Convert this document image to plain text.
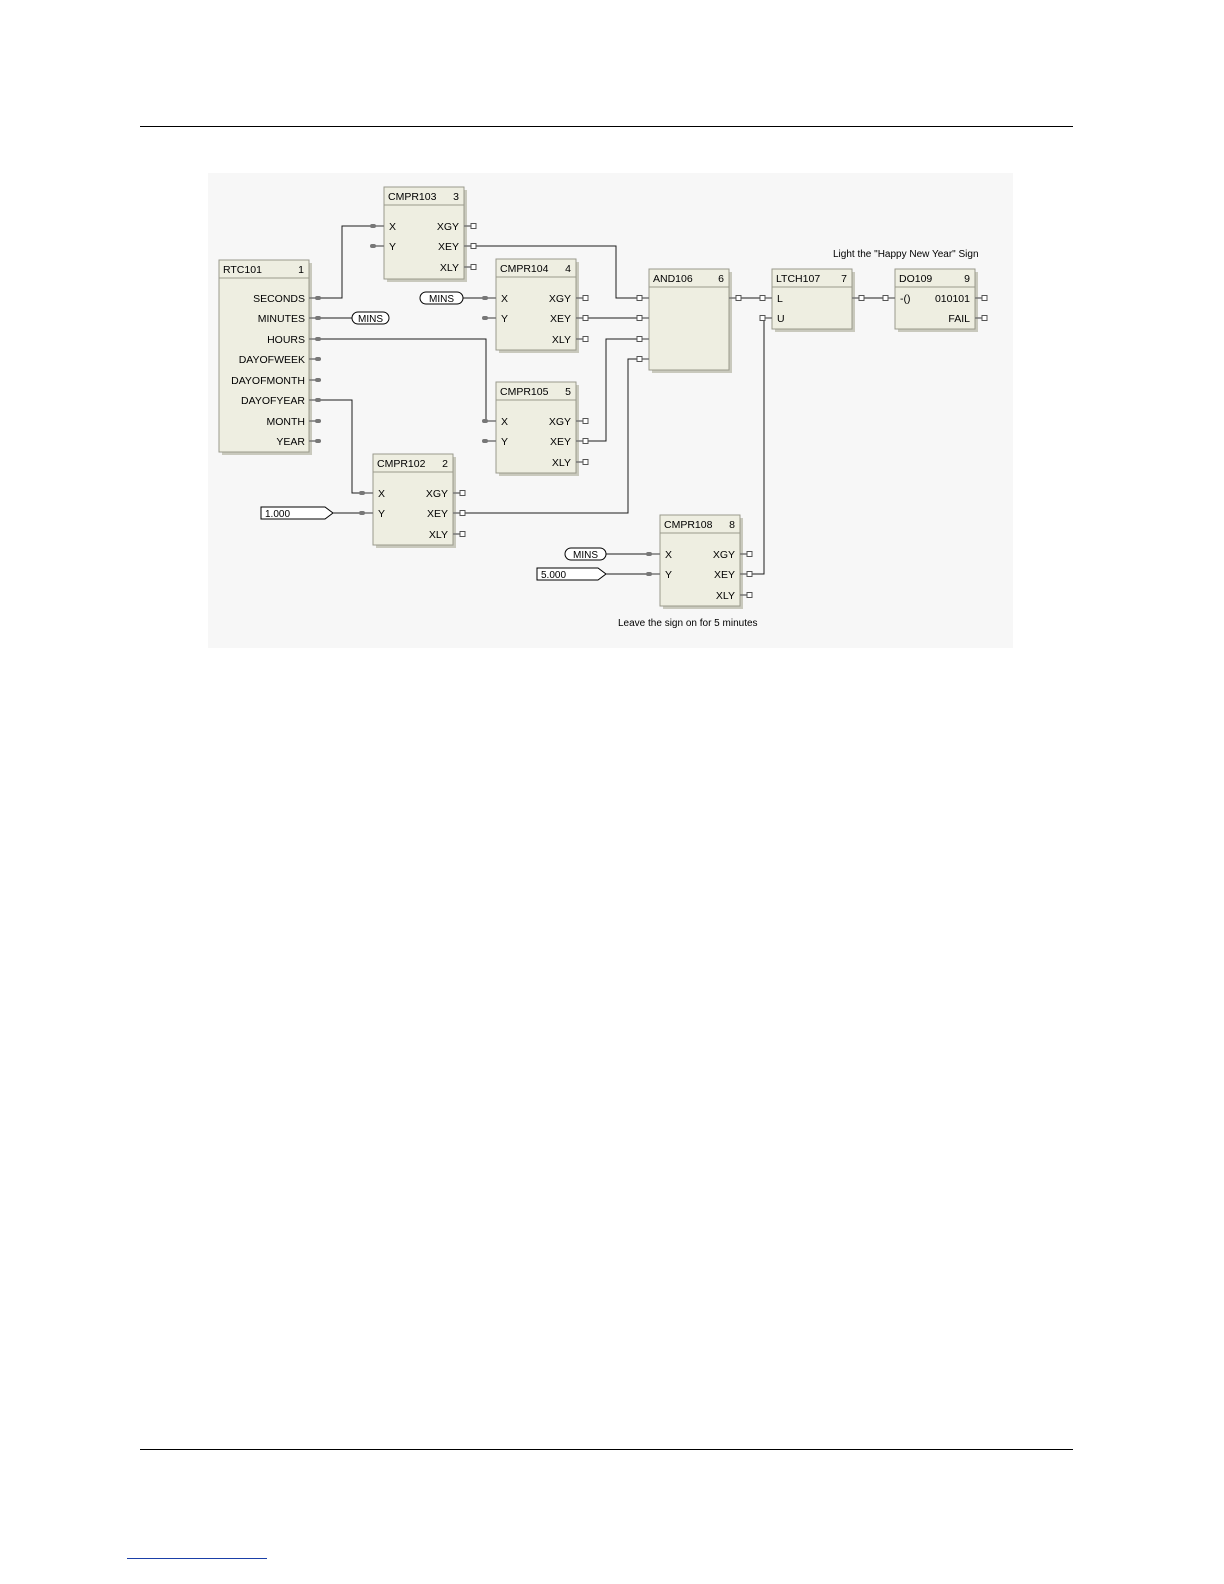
RTC101	1
SECONDS
MINUTES
HOURS
DAYOFWEEK
DAYOFMONTH
DAYOFYEAR
MONTH
YEAR
CMPR103 3
X
Y
XGY
XEY
XLY	CMPR104 4
X
Y
XGY
XEY
XLY
CMPR105 5
X
Y
XGY
XEY
XLY
CMPR102 2
X
Y
XGY
XEY
XLY
AND106 6	LTCH107 7
L
U
DO109	9
-() 010101
FAIL
CMPR108 8
X
Y
XGY
XEY
XLY
MINS
MINS
MINS
1.000
5.000
Light the "Happy New Year" Sign
Leave the sign on for 5 minutes
